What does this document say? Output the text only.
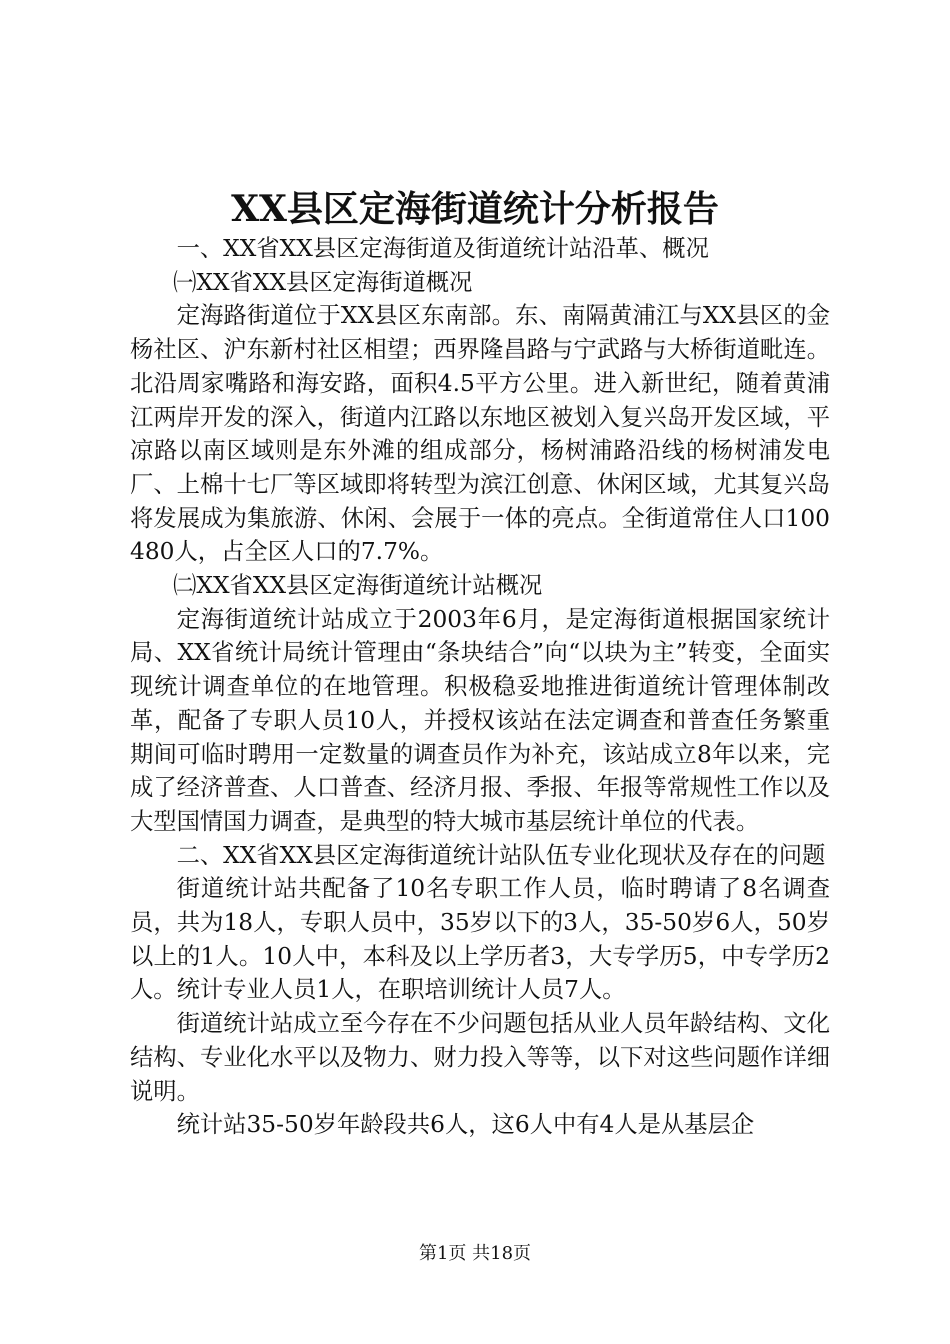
XX县区定海街道统计分析报告

一、XX省XX县区定海街道及街道统计站沿革、概况

㈠XX省XX县区定海街道概况

定海路街道位于XX县区东南部。东、南隔黄浦江与XX县区的金杨社区、沪东新村社区相望；西界隆昌路与宁武路与大桥街道毗连。北沿周家嘴路和海安路，面积4.5平方公里。进入新世纪，随着黄浦江两岸开发的深入，街道内江路以东地区被划入复兴岛开发区域，平凉路以南区域则是东外滩的组成部分，杨树浦路沿线的杨树浦发电厂、上棉十七厂等区域即将转型为滨江创意、休闲区域，尤其复兴岛将发展成为集旅游、休闲、会展于一体的亮点。全街道常住人口100480人，占全区人口的7.7%。

㈡XX省XX县区定海街道统计站概况

定海街道统计站成立于2003年6月，是定海街道根据国家统计局、XX省统计局统计管理由“条块结合”向“以块为主”转变，全面实现统计调查单位的在地管理。积极稳妥地推进街道统计管理体制改革，配备了专职人员10人，并授权该站在法定调查和普查任务繁重期间可临时聘用一定数量的调查员作为补充，该站成立8年以来，完成了经济普查、人口普查、经济月报、季报、年报等常规性工作以及大型国情国力调查，是典型的特大城市基层统计单位的代表。

二、XX省XX县区定海街道统计站队伍专业化现状及存在的问题

街道统计站共配备了10名专职工作人员，临时聘请了8名调查员，共为18人，专职人员中，35岁以下的3人，35-50岁6人，50岁以上的1人。10人中，本科及以上学历者3，大专学历5，中专学历2人。统计专业人员1人，在职培训统计人员7人。

街道统计站成立至今存在不少问题包括从业人员年龄结构、文化结构、专业化水平以及物力、财力投入等等，以下对这些问题作详细说明。

统计站35-50岁年龄段共6人，这6人中有4人是从基层企

第1页 共18页
